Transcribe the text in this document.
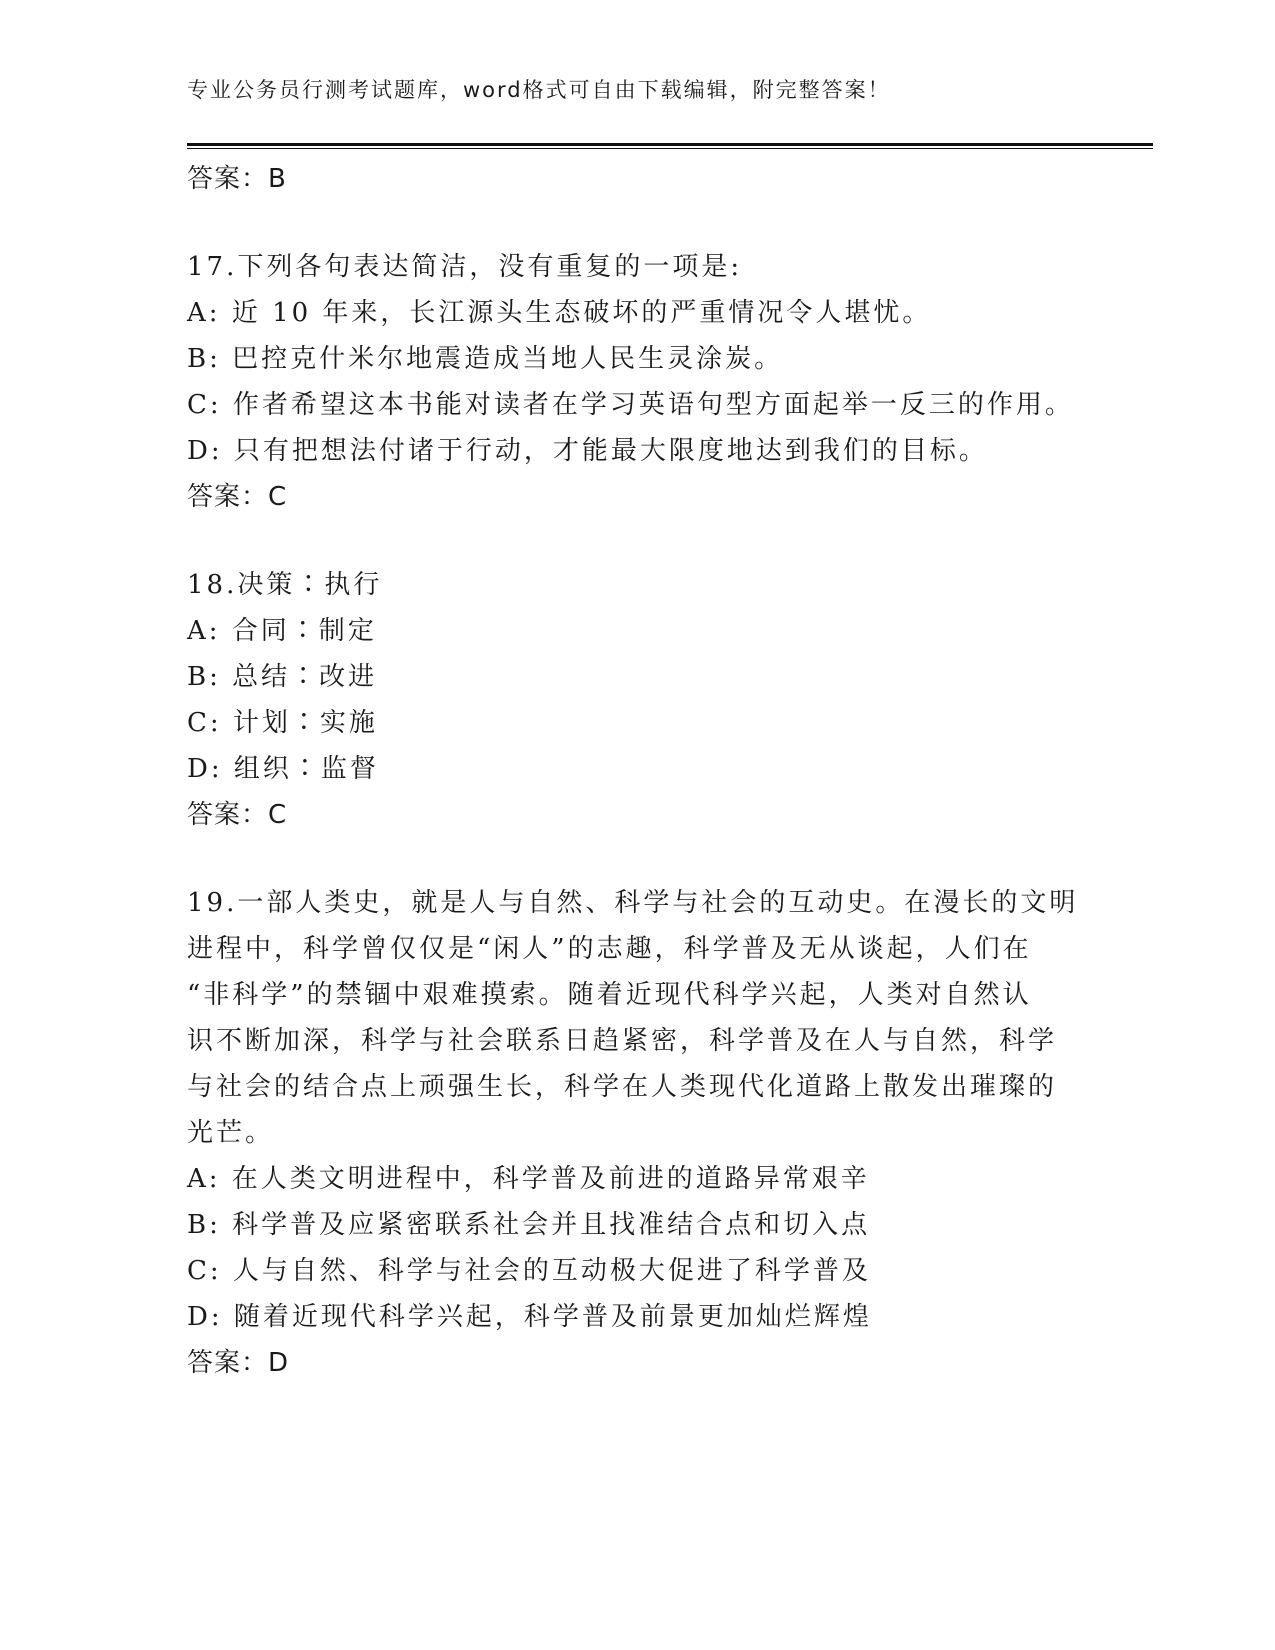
专业公务员行测考试题库，word格式可自由下载编辑，附完整答案！
答案：B
17.下列各句表达简洁，没有重复的一项是:
A: 近 10 年来，长江源头生态破坏的严重情况令人堪忧。
B: 巴控克什米尔地震造成当地人民生灵涂炭。
C: 作者希望这本书能对读者在学习英语句型方面起举一反三的作用。
D: 只有把想法付诸于行动，才能最大限度地达到我们的目标。
答案：C
18.决策∶执行
A: 合同∶制定
B: 总结∶改进
C: 计划∶实施
D: 组织∶监督
答案：C
19.一部人类史，就是人与自然、科学与社会的互动史。在漫长的文明
进程中，科学曾仅仅是“闲人”的志趣，科学普及无从谈起，人们在
“非科学”的禁锢中艰难摸索。随着近现代科学兴起，人类对自然认
识不断加深，科学与社会联系日趋紧密，科学普及在人与自然，科学
与社会的结合点上顽强生长，科学在人类现代化道路上散发出璀璨的
光芒。
A: 在人类文明进程中，科学普及前进的道路异常艰辛
B: 科学普及应紧密联系社会并且找准结合点和切入点
C: 人与自然、科学与社会的互动极大促进了科学普及
D: 随着近现代科学兴起，科学普及前景更加灿烂辉煌
答案：D
